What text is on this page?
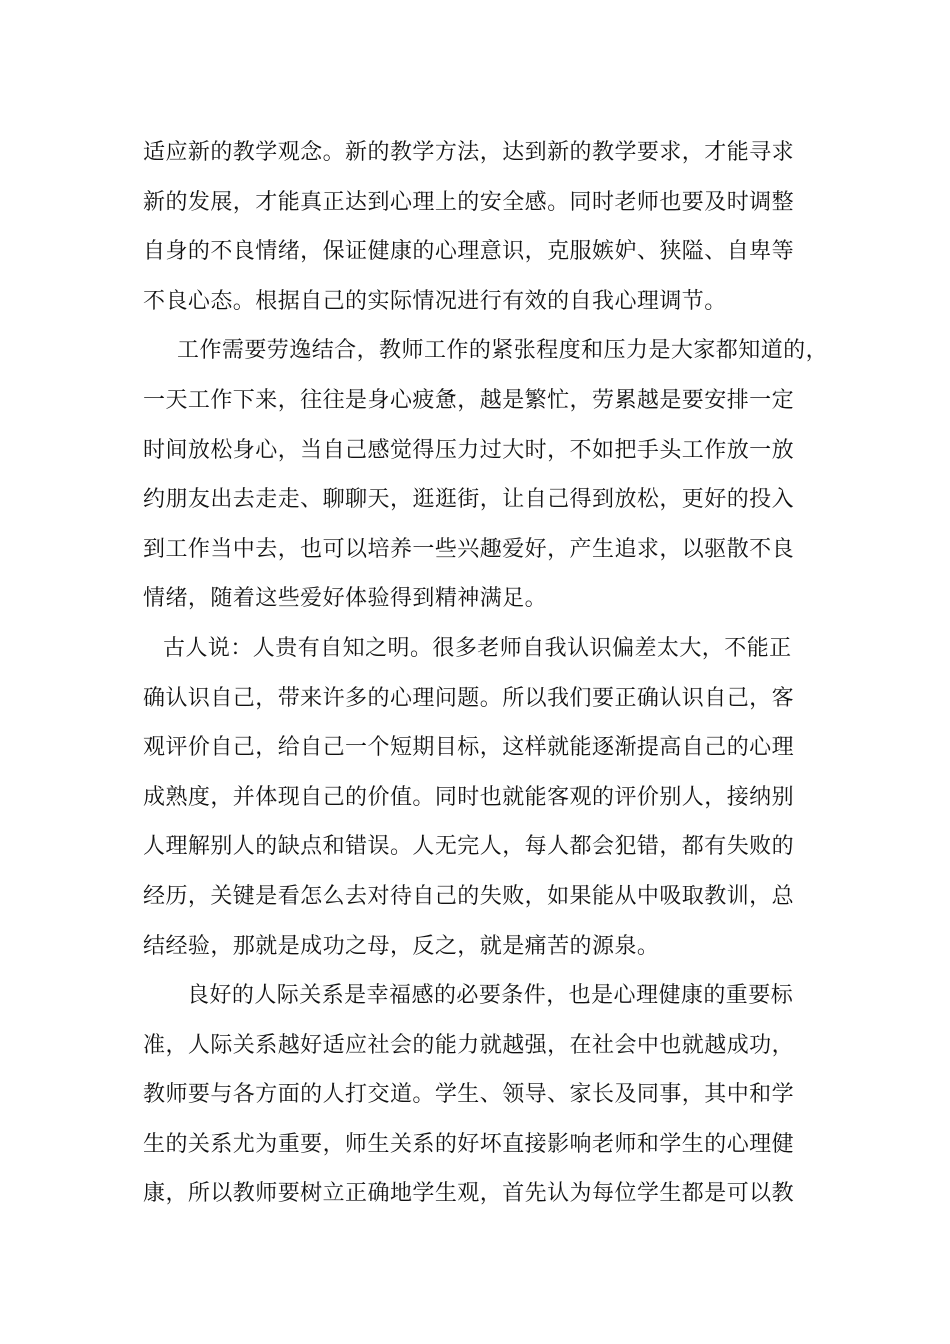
适应新的教学观念。新的教学方法，达到新的教学要求，才能寻求
新的发展，才能真正达到心理上的安全感。同时老师也要及时调整
自身的不良情绪，保证健康的心理意识，克服嫉妒、狭隘、自卑等
不良心态。根据自己的实际情况进行有效的自我心理调节。
工作需要劳逸结合，教师工作的紧张程度和压力是大家都知道的，
一天工作下来，往往是身心疲惫，越是繁忙，劳累越是要安排一定
时间放松身心，当自己感觉得压力过大时，不如把手头工作放一放
约朋友出去走走、聊聊天，逛逛街，让自己得到放松，更好的投入
到工作当中去，也可以培养一些兴趣爱好，产生追求，以驱散不良
情绪，随着这些爱好体验得到精神满足。
古人说：人贵有自知之明。很多老师自我认识偏差太大，不能正
确认识自己，带来许多的心理问题。所以我们要正确认识自己，客
观评价自己，给自己一个短期目标，这样就能逐渐提高自己的心理
成熟度，并体现自己的价值。同时也就能客观的评价别人，接纳别
人理解别人的缺点和错误。人无完人，每人都会犯错，都有失败的
经历，关键是看怎么去对待自己的失败，如果能从中吸取教训，总
结经验，那就是成功之母，反之，就是痛苦的源泉。
良好的人际关系是幸福感的必要条件，也是心理健康的重要标
准，人际关系越好适应社会的能力就越强，在社会中也就越成功，
教师要与各方面的人打交道。学生、领导、家长及同事，其中和学
生的关系尤为重要，师生关系的好坏直接影响老师和学生的心理健
康，所以教师要树立正确地学生观，首先认为每位学生都是可以教
